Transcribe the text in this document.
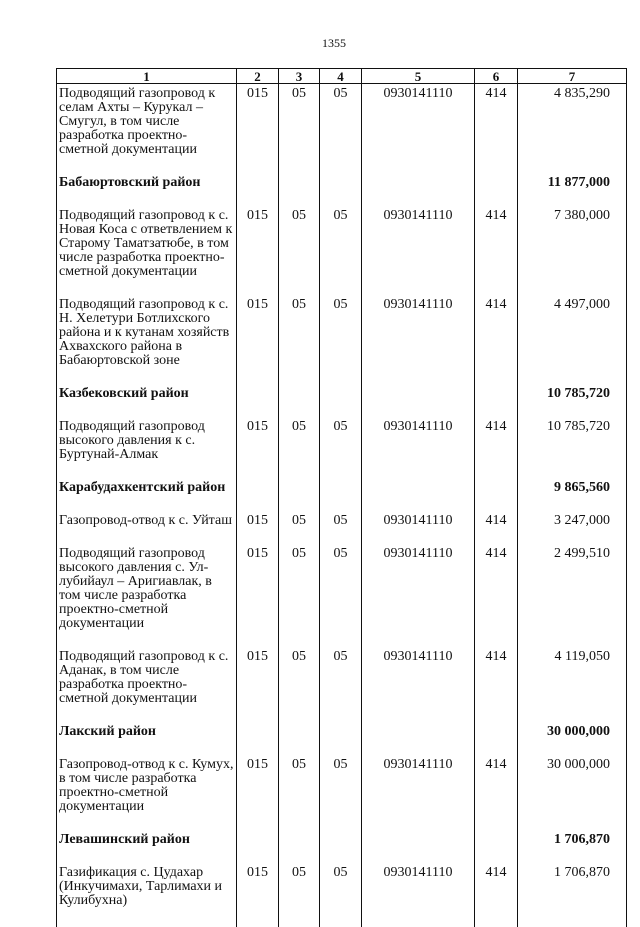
1355
1	2	3	4	5	6	7
Подводящий газопровод к селам Ахты – Курукал – Смугул, в том числе разработка проектно-сметной документации	015	05	05	0930141110	414	4 835,290
Бабаюртовский район						11 877,000
Подводящий газопровод к с. Новая Коса с ответвлением к Старому Таматзатюбе, в том числе разработка проектно-сметной документации	015	05	05	0930141110	414	7 380,000
Подводящий газопровод к с. Н. Хелетури Ботлихского района и к кутанам хозяйств Ахвахского района в Бабаюртовской зоне	015	05	05	0930141110	414	4 497,000
Казбековский район						10 785,720
Подводящий газопровод высокого давления к с. Буртунай-Алмак	015	05	05	0930141110	414	10 785,720
Карабудахкентский район						9 865,560
Газопровод-отвод к с. Уйташ	015	05	05	0930141110	414	3 247,000
Подводящий газопровод высокого давления с. Ул-лубийаул – Аригиавлак, в том числе разработка проектно-сметной документации	015	05	05	0930141110	414	2 499,510
Подводящий газопровод к с. Аданак, в том числе разработка проектно-сметной документации	015	05	05	0930141110	414	4 119,050
Лакский район						30 000,000
Газопровод-отвод к с. Кумух, в том числе разработка проектно-сметной документации	015	05	05	0930141110	414	30 000,000
Левашинский район						1 706,870
Газификация с. Цудахар (Инкучимахи, Тарлимахи и Кулибухна)	015	05	05	0930141110	414	1 706,870
